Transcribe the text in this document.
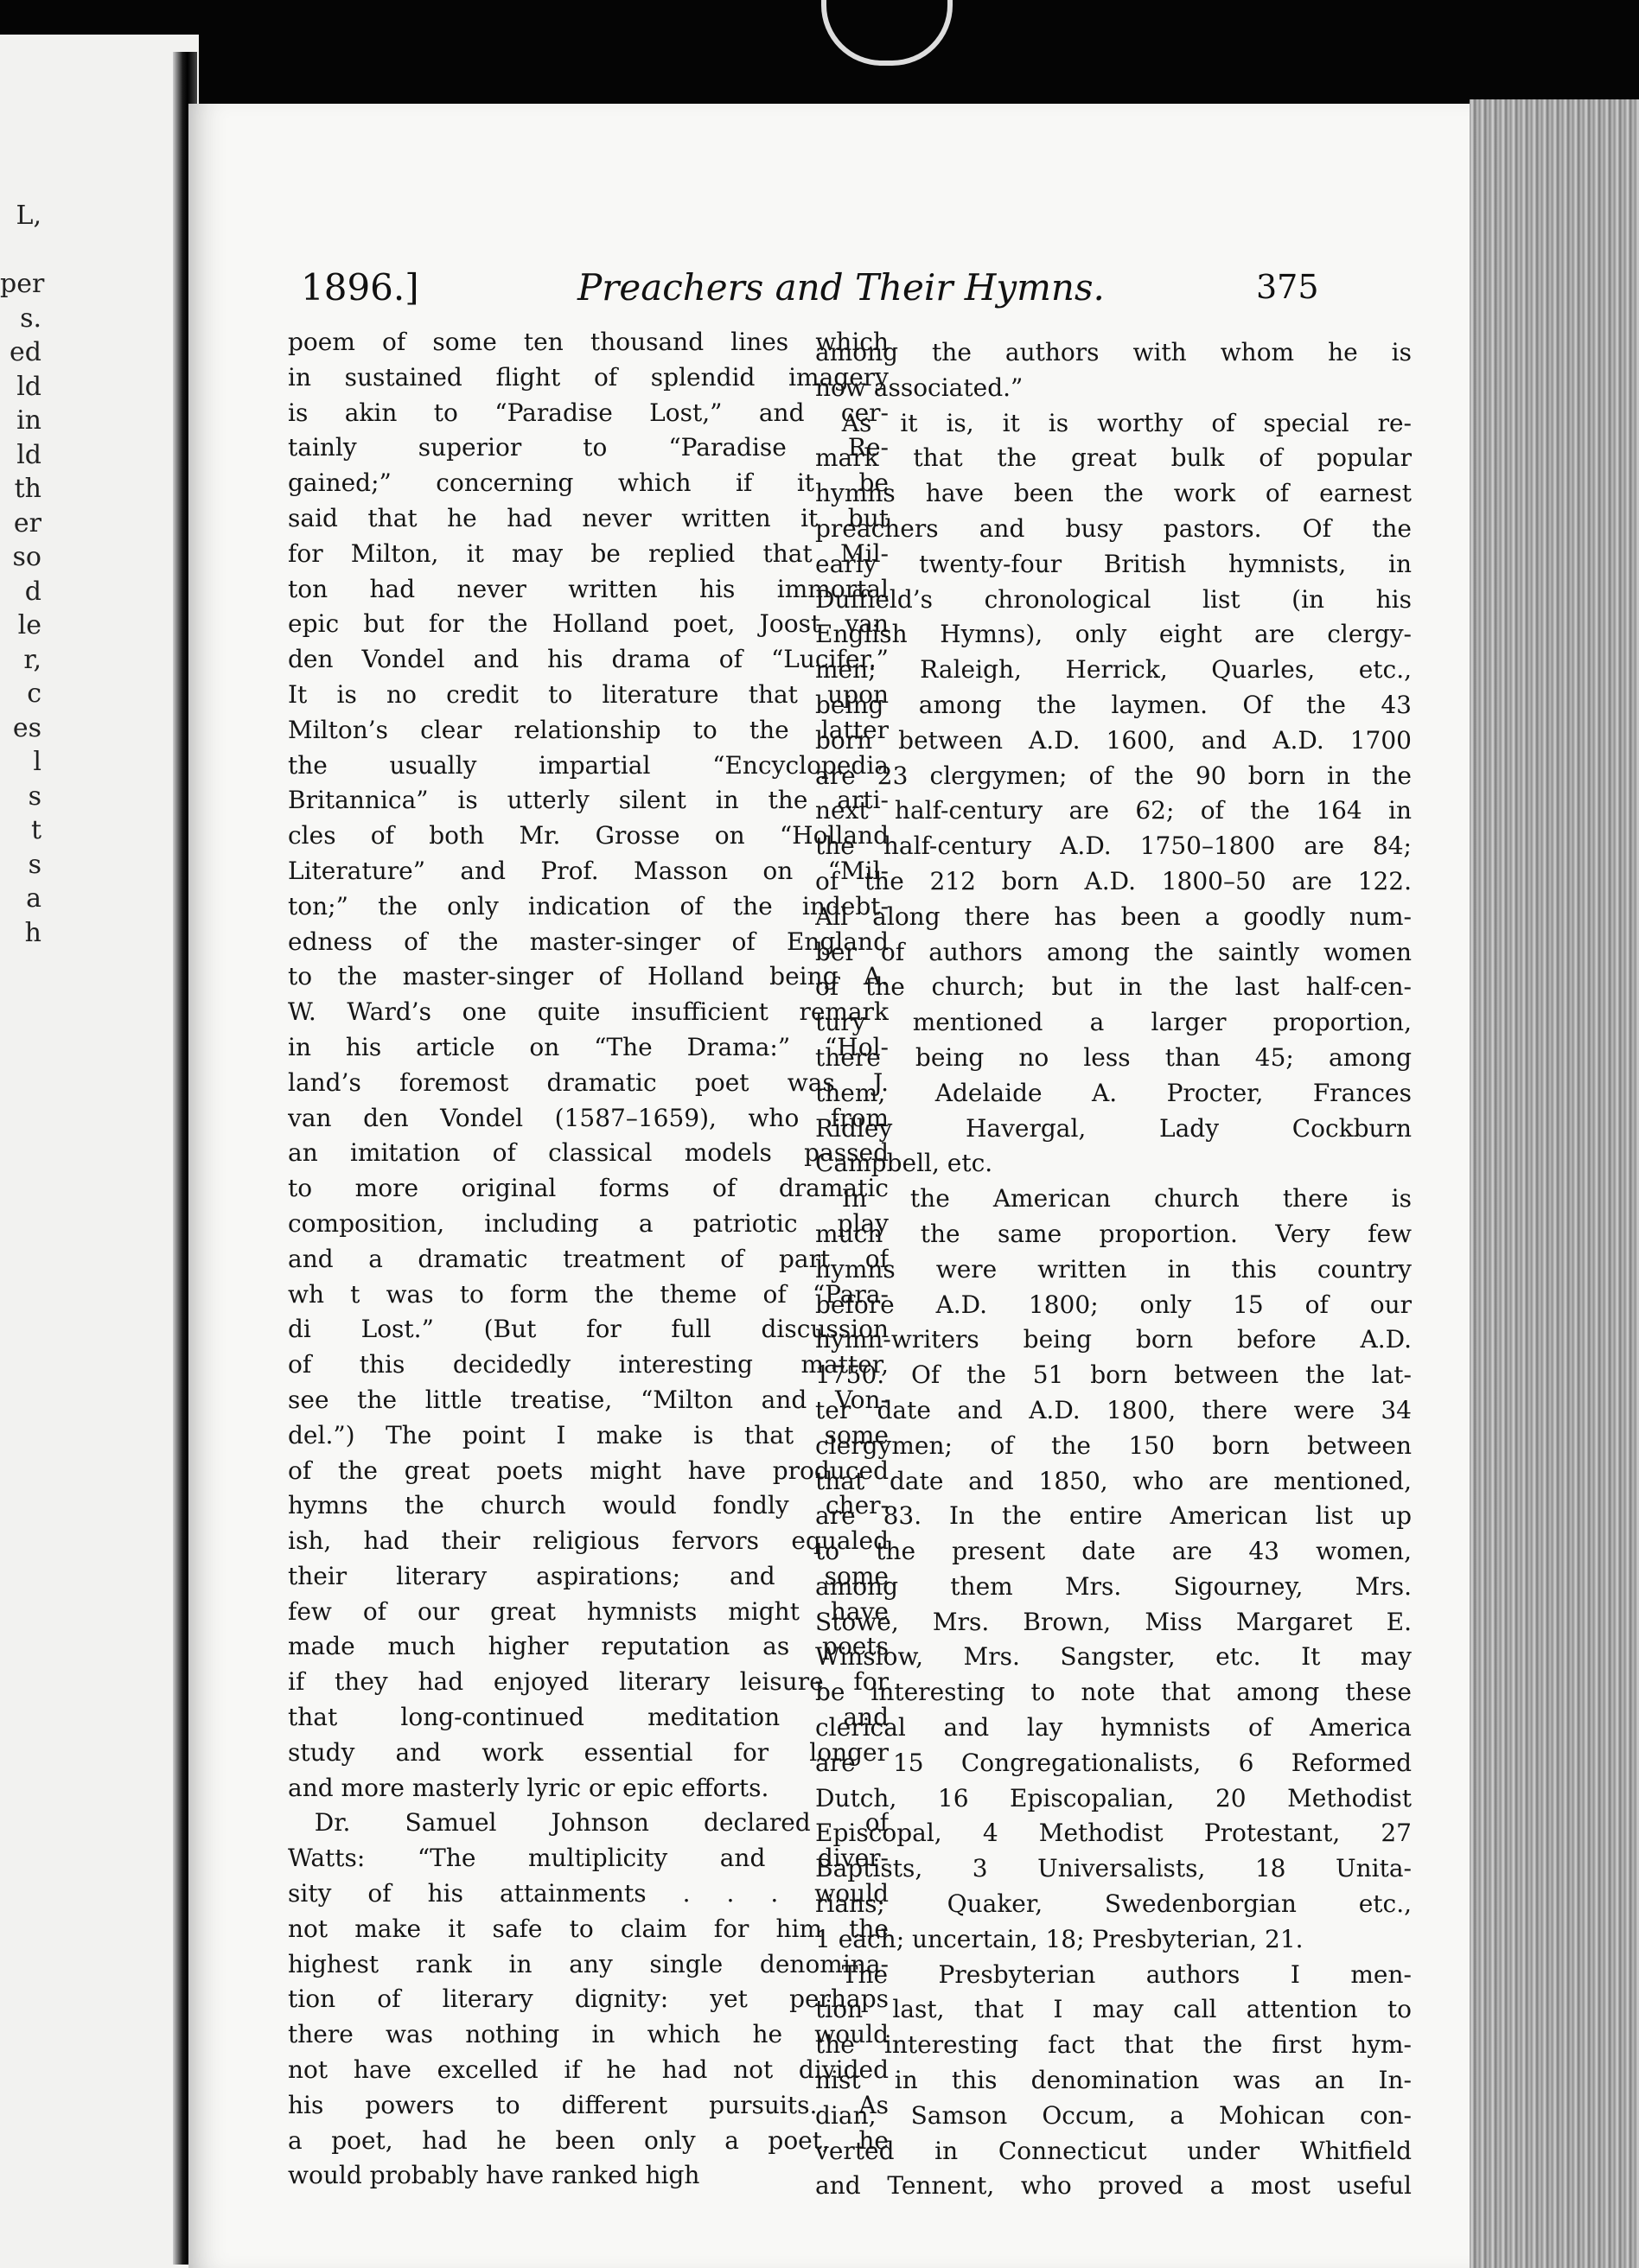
L,
per
s.
ed
ld
in
ld
th
er
so
d
le
r,
c
es
l
s
t
s
a
h
1896.]	Preachers and Their Hymns.	375
poem of some ten thousand lines which
in sustained flight of splendid imagery
is akin to “Paradise Lost,” and cer-
tainly superior to “Paradise Re-
gained;” concerning which if it be
said that he had never written it but
for Milton, it may be replied that Mil-
ton had never written his immortal
epic but for the Holland poet, Joost van
den Vondel and his drama of “Lucifer.”
It is no credit to literature that upon
Milton’s clear relationship to the latter
the usually impartial “Encyclopedia
Britannica” is utterly silent in the arti-
cles of both Mr. Grosse on “Holland
Literature” and Prof. Masson on “Mil-
ton;” the only indication of the indebt-
edness of the master-singer of England
to the master-singer of Holland being A.
W. Ward’s one quite insufficient remark
in his article on “The Drama:” “Hol-
land’s foremost dramatic poet was J.
van den Vondel (1587–1659), who from
an imitation of classical models passed
to more original forms of dramatic
composition, including a patriotic play
and a dramatic treatment of part of
wh t was to form the theme of “Para-
di Lost.” (But for full discussion
of this decidedly interesting matter,
see the little treatise, “Milton and Von-
del.”) The point I make is that some
of the great poets might have produced
hymns the church would fondly cher-
ish, had their religious fervors equaled
their literary aspirations; and some
few of our great hymnists might have
made much higher reputation as poets
if they had enjoyed literary leisure for
that long-continued meditation and
study and work essential for longer
and more masterly lyric or epic efforts.
Dr. Samuel Johnson declared of
Watts: “The multiplicity and diver-
sity of his attainments . . . would
not make it safe to claim for him the
highest rank in any single denomina-
tion of literary dignity: yet perhaps
there was nothing in which he would
not have excelled if he had not divided
his powers to different pursuits. As
a poet, had he been only a poet, he
would probably have ranked high
among the authors with whom he is
now associated.”
As it is, it is worthy of special re-
mark that the great bulk of popular
hymns have been the work of earnest
preachers and busy pastors. Of the
early twenty-four British hymnists, in
Duffield’s chronological list (in his
English Hymns), only eight are clergy-
men; Raleigh, Herrick, Quarles, etc.,
being among the laymen. Of the 43
born between A.D. 1600, and A.D. 1700
are 23 clergymen; of the 90 born in the
next half-century are 62; of the 164 in
the half-century A.D. 1750–1800 are 84;
of the 212 born A.D. 1800–50 are 122.
All along there has been a goodly num-
ber of authors among the saintly women
of the church; but in the last half-cen-
tury mentioned a larger proportion,
there being no less than 45; among
them, Adelaide A. Procter, Frances
Ridley Havergal, Lady Cockburn
Campbell, etc.
In the American church there is
much the same proportion. Very few
hymns were written in this country
before A.D. 1800; only 15 of our
hymn-writers being born before A.D.
1750. Of the 51 born between the lat-
ter date and A.D. 1800, there were 34
clergymen; of the 150 born between
that date and 1850, who are mentioned,
are 83. In the entire American list up
to the present date are 43 women,
among them Mrs. Sigourney, Mrs.
Stowe, Mrs. Brown, Miss Margaret E.
Winslow, Mrs. Sangster, etc. It may
be interesting to note that among these
clerical and lay hymnists of America
are 15 Congregationalists, 6 Reformed
Dutch, 16 Episcopalian, 20 Methodist
Episcopal, 4 Methodist Protestant, 27
Baptists, 3 Universalists, 18 Unita-
rians; Quaker, Swedenborgian etc.,
1 each; uncertain, 18; Presbyterian, 21.
The Presbyterian authors I men-
tion last, that I may call attention to
the interesting fact that the first hym-
nist in this denomination was an In-
dian, Samson Occum, a Mohican con-
verted in Connecticut under Whitfield
and Tennent, who proved a most useful
